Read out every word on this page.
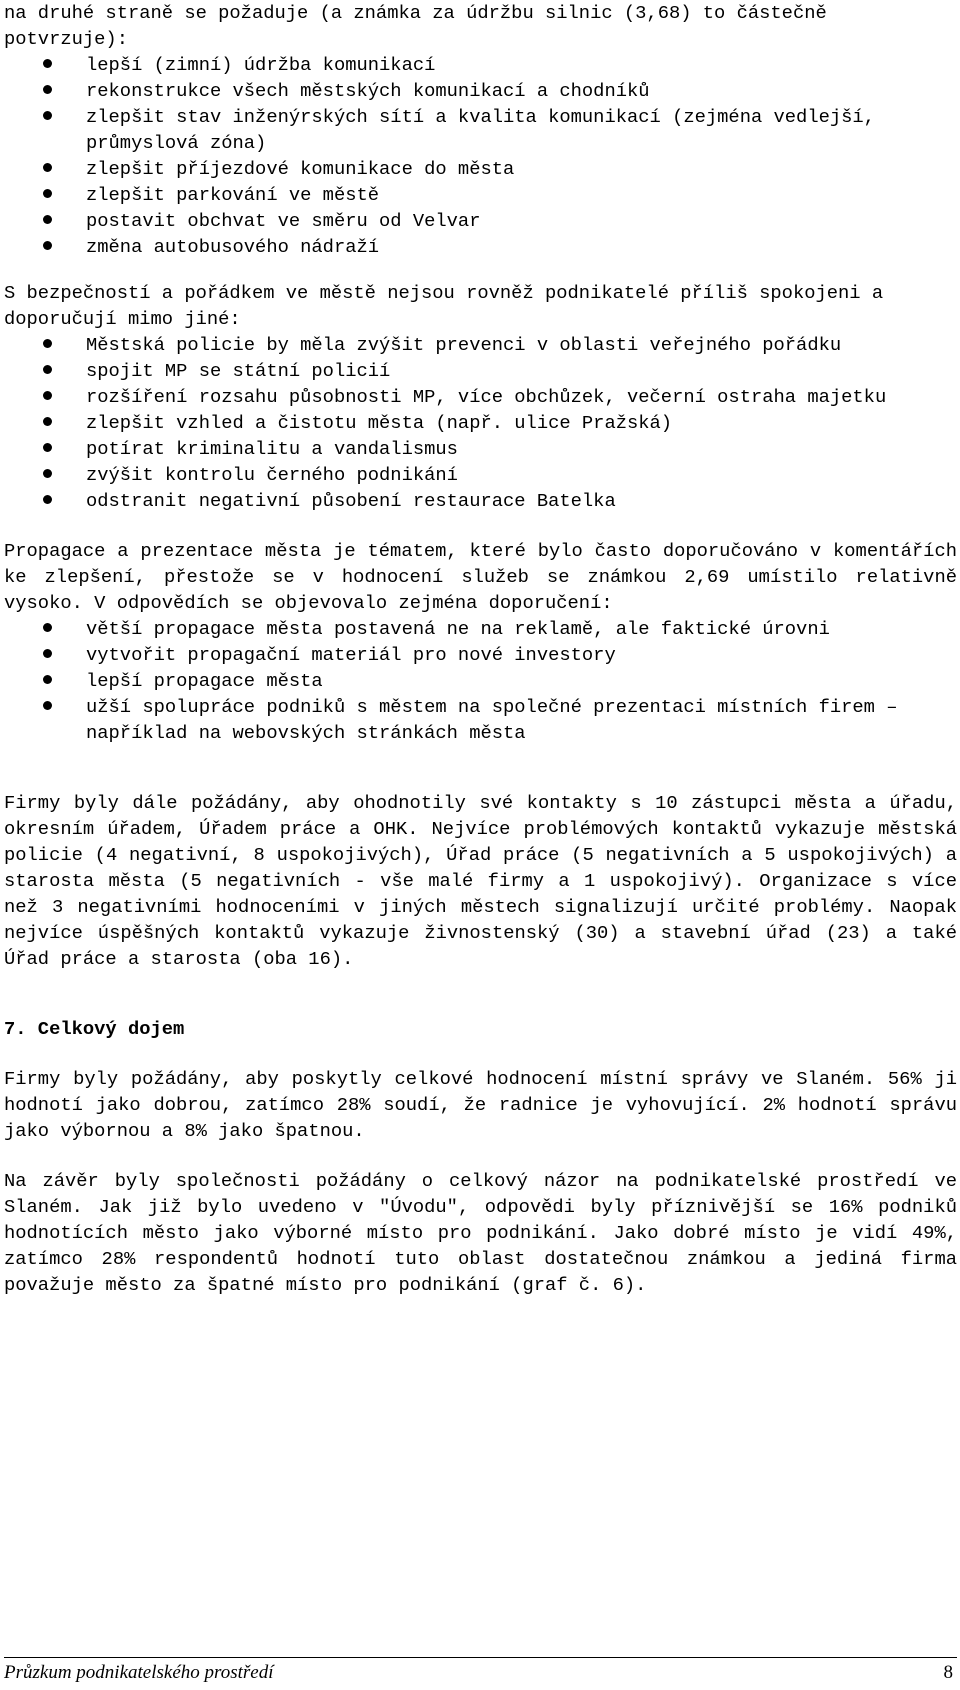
na druhé straně se požaduje (a známka za údržbu silnic (3,68) to částečně potvrzuje):

lepší (zimní) údržba komunikací
rekonstrukce všech městských komunikací a chodníků
zlepšit stav inženýrských sítí a kvalita komunikací (zejména vedlejší, průmyslová zóna)
zlepšit příjezdové komunikace do města
zlepšit parkování ve městě
postavit obchvat ve směru od Velvar
změna autobusového nádraží

S bezpečností a pořádkem ve městě nejsou rovněž podnikatelé příliš spokojeni a doporučují mimo jiné:

Městská policie by měla zvýšit prevenci v oblasti veřejného pořádku
spojit MP se státní policií
rozšíření rozsahu působnosti MP, více obchůzek, večerní ostraha majetku
zlepšit vzhled a čistotu města (např. ulice Pražská)
potírat kriminalitu a vandalismus
zvýšit kontrolu černého podnikání
odstranit negativní působení restaurace Batelka

Propagace a prezentace města je tématem, které bylo často doporučováno v komentářích ke zlepšení, přestože se v hodnocení služeb se známkou 2,69 umístilo relativně vysoko. V odpovědích se objevovalo zejména doporučení:

větší propagace města postavená ne na reklamě, ale faktické úrovni
vytvořit propagační materiál pro nové investory
lepší propagace města
užší spolupráce podniků s městem na společné prezentaci místních firem – například na webovských stránkách města

Firmy byly dále požádány, aby ohodnotily své kontakty s 10 zástupci města a úřadu, okresním úřadem, Úřadem práce a OHK. Nejvíce problémových kontaktů vykazuje městská policie (4 negativní, 8 uspokojivých), Úřad práce (5 negativních a 5 uspokojivých) a starosta města (5 negativních - vše malé firmy a 1 uspokojivý). Organizace s více než 3 negativními hodnoceními v jiných městech signalizují určité problémy. Naopak nejvíce úspěšných kontaktů vykazuje živnostenský (30) a stavební úřad (23) a také Úřad práce a starosta (oba 16).

7. Celkový dojem

Firmy byly požádány, aby poskytly celkové hodnocení místní správy ve Slaném. 56% ji hodnotí jako dobrou, zatímco 28% soudí, že radnice je vyhovující. 2% hodnotí správu jako výbornou a 8% jako špatnou.

Na závěr byly společnosti požádány o celkový názor na podnikatelské prostředí ve Slaném. Jak již bylo uvedeno v "Úvodu", odpovědi byly příznivější se 16% podniků hodnotících město jako výborné místo pro podnikání. Jako dobré místo je vidí 49%, zatímco 28% respondentů hodnotí tuto oblast dostatečnou známkou a jediná firma považuje město za špatné místo pro podnikání (graf č. 6).

Průzkum podnikatelského prostředí	8
